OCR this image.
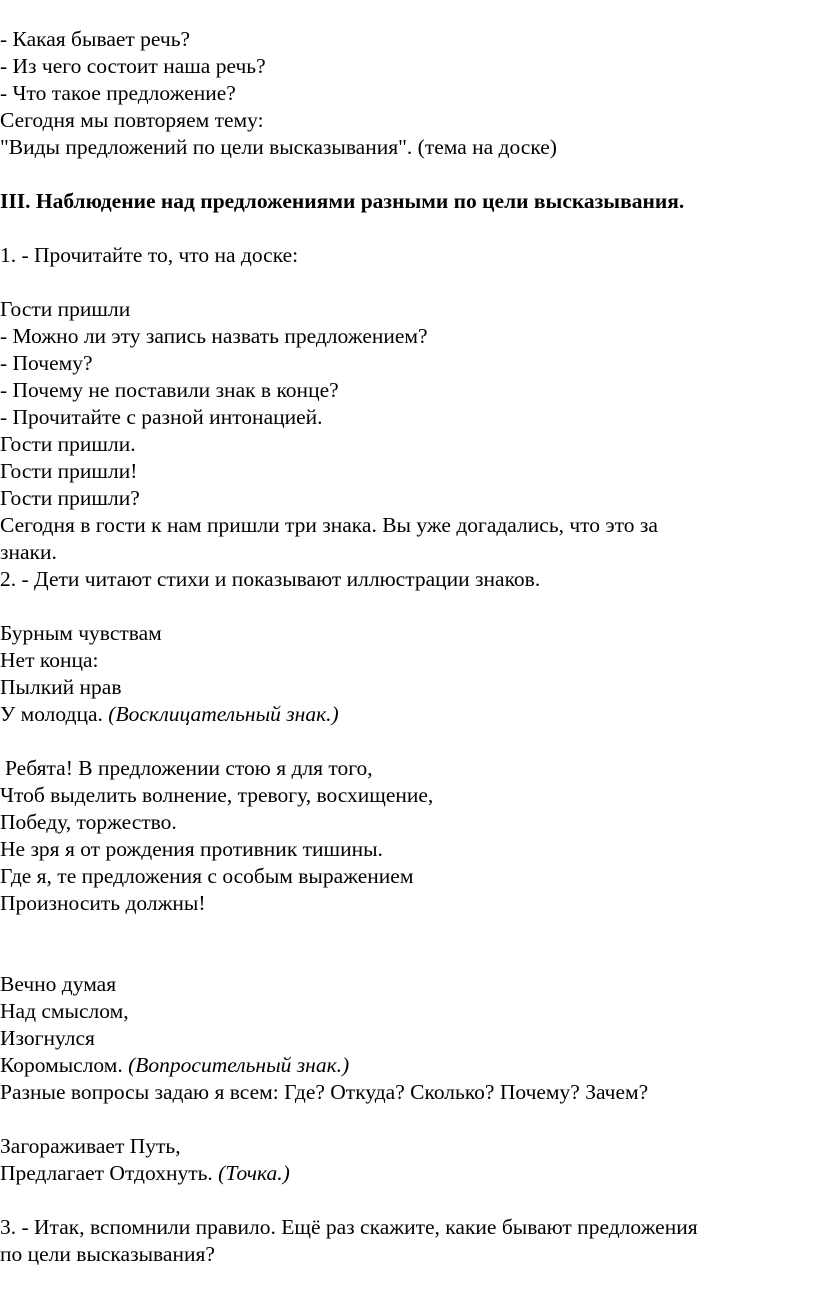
- Какая бывает речь?

- Из чего состоит наша речь?

- Что такое предложение?

Сегодня мы повторяем тему:

"Виды предложений по цели высказывания". (тема на доске)

III. Наблюдение над предложениями разными по цели высказывания.

1. - Прочитайте то, что на доске:

Гости пришли

- Можно ли эту запись назвать предложением?

- Почему?

- Почему не поставили знак в конце?

- Прочитайте с разной интонацией.

Гости пришли.

Гости пришли!

Гости пришли?

Сегодня в гости к нам пришли три знака. Вы уже догадались, что это за

знаки.

2. - Дети читают стихи и показывают иллюстрации знаков.

Бурным чувствам

Нет конца:

Пылкий нрав

У молодца. (Восклицательный знак.)

Ребята! В предложении стою я для того,

Чтоб выделить волнение, тревогу, восхищение,

Победу, торжество.

Не зря я от рождения противник тишины.

Где я, те предложения с особым выражением

Произносить должны!

Вечно думая

Над смыслом,

Изогнулся

Коромыслом. (Вопросительный знак.)

Разные вопросы задаю я всем: Где? Откуда? Сколько? Почему? Зачем?

Загораживает Путь,

Предлагает Отдохнуть. (Точка.)

3. - Итак, вспомнили правило. Ещё раз скажите, какие бывают предложения

по цели высказывания?
